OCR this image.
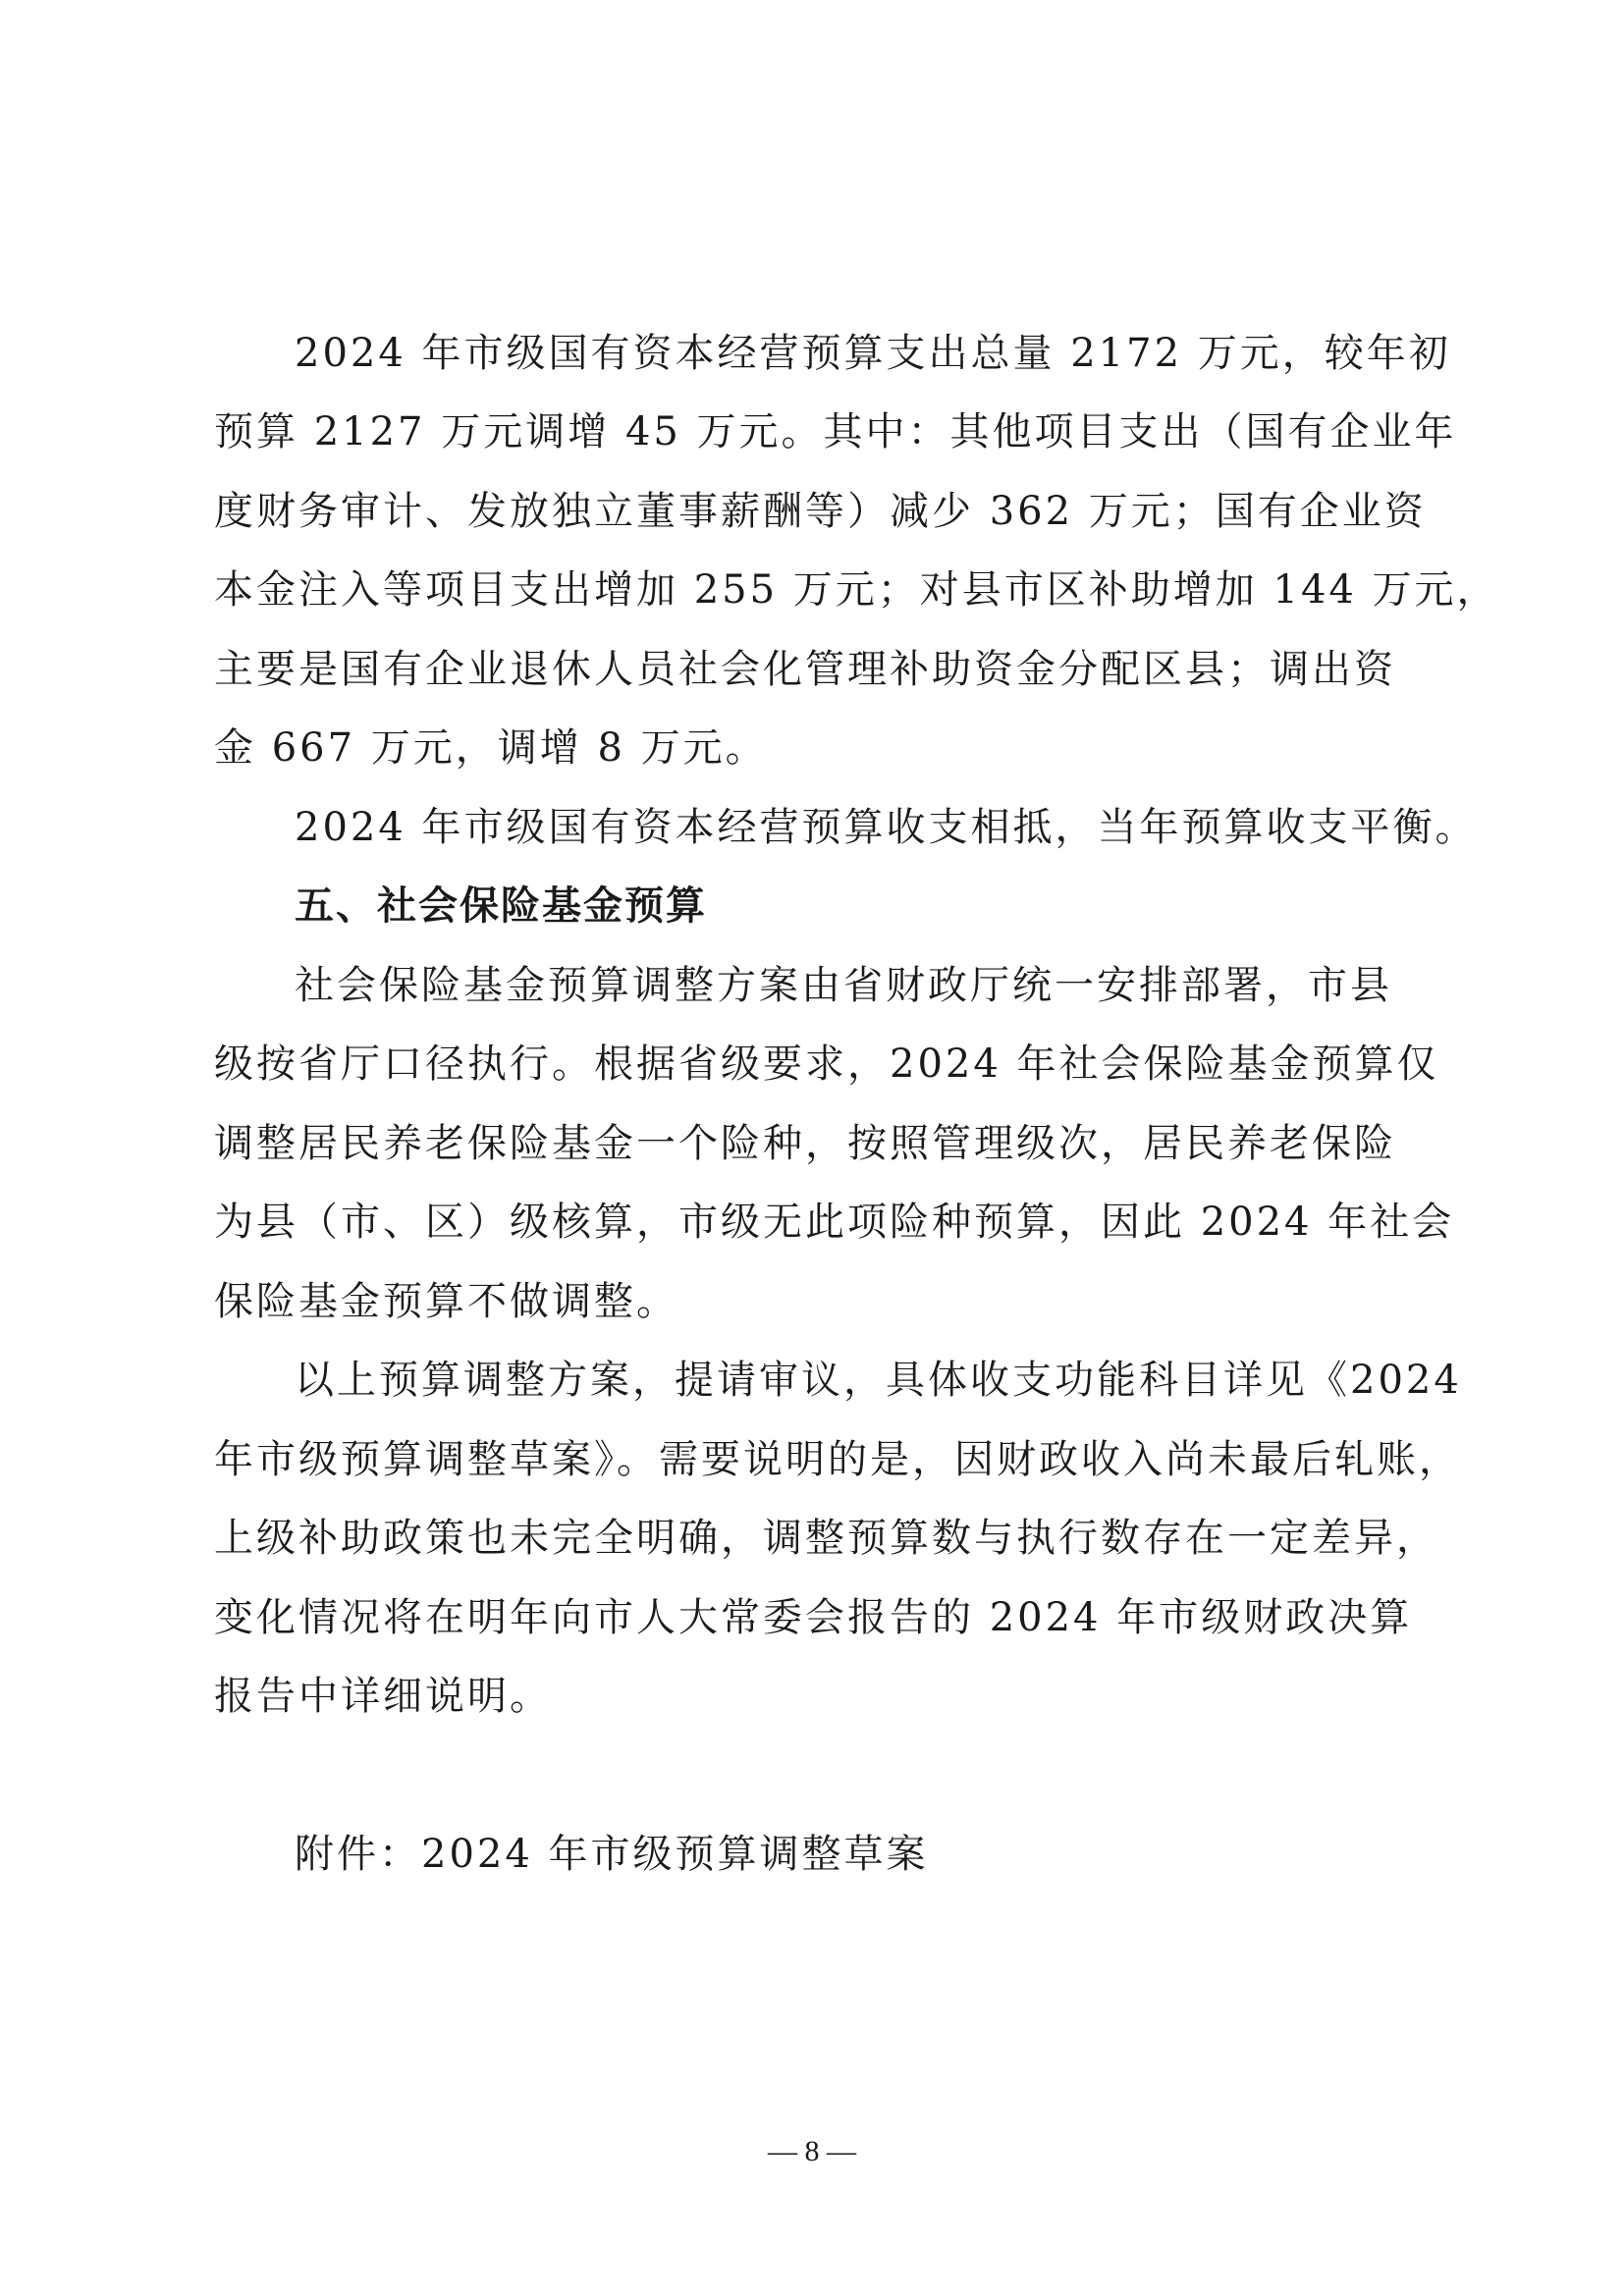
2024 年市级国有资本经营预算支出总量 2172 万元，较年初
预算 2127 万元调增 45 万元。其中：其他项目支出（国有企业年
度财务审计、发放独立董事薪酬等）减少 362 万元；国有企业资
本金注入等项目支出增加 255 万元；对县市区补助增加 144 万元，
主要是国有企业退休人员社会化管理补助资金分配区县；调出资
金 667 万元，调增 8 万元。
2024 年市级国有资本经营预算收支相抵，当年预算收支平衡。
五、社会保险基金预算
社会保险基金预算调整方案由省财政厅统一安排部署，市县
级按省厅口径执行。根据省级要求，2024 年社会保险基金预算仅
调整居民养老保险基金一个险种，按照管理级次，居民养老保险
为县（市、区）级核算，市级无此项险种预算，因此 2024 年社会
保险基金预算不做调整。
以上预算调整方案，提请审议，具体收支功能科目详见《2024
年市级预算调整草案》。需要说明的是，因财政收入尚未最后轧账，
上级补助政策也未完全明确，调整预算数与执行数存在一定差异，
变化情况将在明年向市人大常委会报告的 2024 年市级财政决算
报告中详细说明。
附件：2024 年市级预算调整草案
— 8 —
